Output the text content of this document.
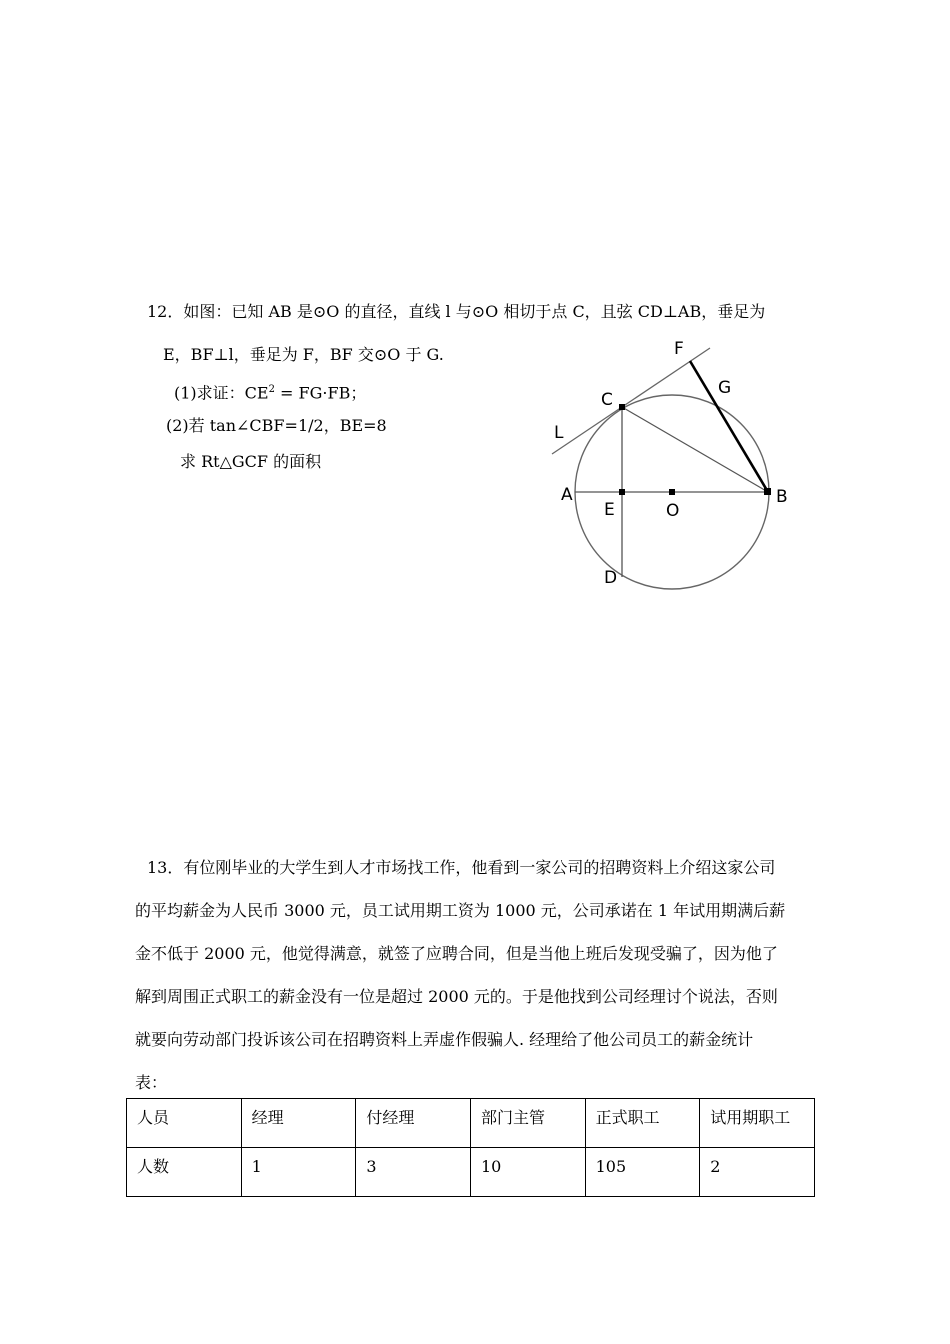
12．如图：已知 AB 是⊙O 的直径，直线 l 与⊙O 相切于点 C，且弦 CD⊥AB，垂足为
E，BF⊥l，垂足为 F，BF 交⊙O 于 G.
(1)求证：$CE^2 = FG\cdot FB$；
(2)若 tan∠CBF=1/2，BE=8
求 Rt△GCF 的面积
F
G
C
L
A
E	O
B
D
13．有位刚毕业的大学生到人才市场找工作，他看到一家公司的招聘资料上介绍这家公司
的平均薪金为人民币 3000 元，员工试用期工资为 1000 元，公司承诺在 1 年试用期满后薪
金不低于 2000 元，他觉得满意，就签了应聘合同，但是当他上班后发现受骗了，因为他了
解到周围正式职工的薪金没有一位是超过 2000 元的。于是他找到公司经理讨个说法，否则
就要向劳动部门投诉该公司在招聘资料上弄虚作假骗人. 经理给了他公司员工的薪金统计
表：
人员	经理	付经理	部门主管	正式职工	试用期职工
人数	1	3	10	105	2
